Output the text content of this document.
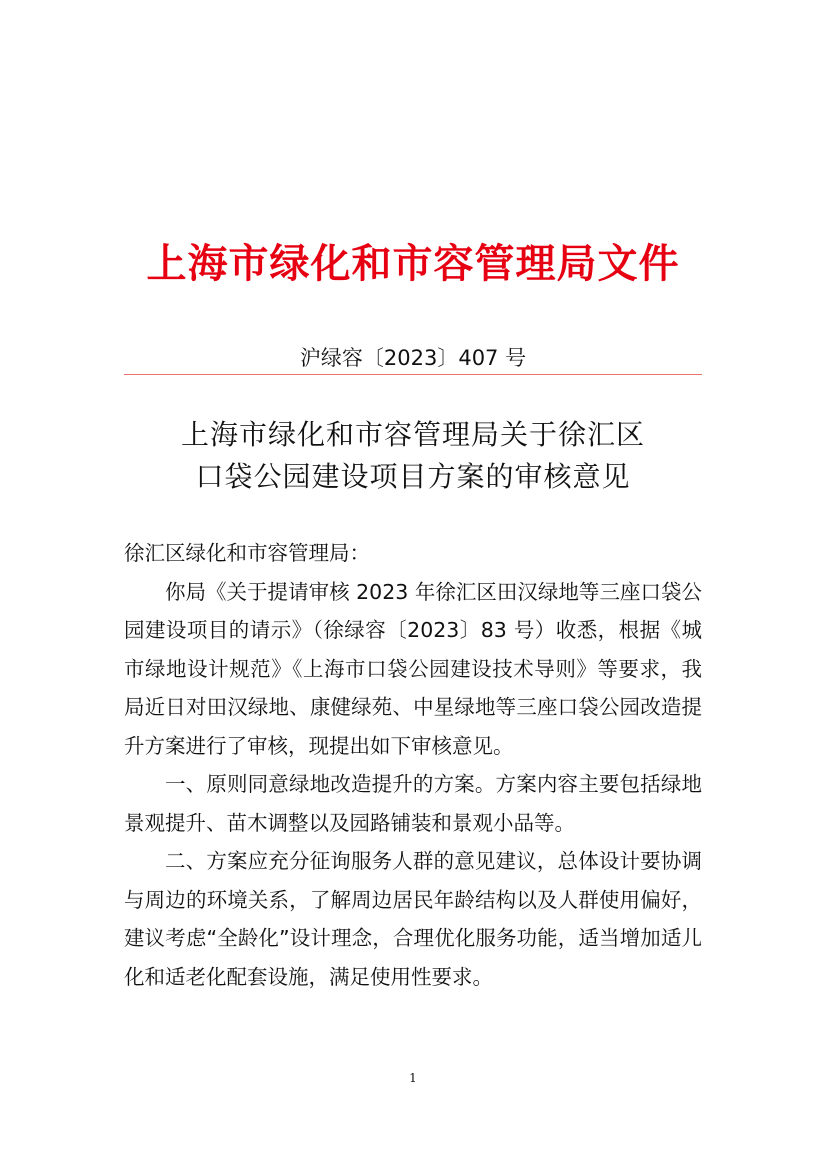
上海市绿化和市容管理局文件
沪绿容〔2023〕407 号
上海市绿化和市容管理局关于徐汇区
口袋公园建设项目方案的审核意见
徐汇区绿化和市容管理局：

你局《关于提请审核 2023 年徐汇区田汉绿地等三座口袋公园建设项目的请示》（徐绿容〔2023〕83 号）收悉，根据《城市绿地设计规范》《上海市口袋公园建设技术导则》等要求，我局近日对田汉绿地、康健绿苑、中星绿地等三座口袋公园改造提升方案进行了审核，现提出如下审核意见。

一、原则同意绿地改造提升的方案。方案内容主要包括绿地景观提升、苗木调整以及园路铺装和景观小品等。

二、方案应充分征询服务人群的意见建议，总体设计要协调与周边的环境关系，了解周边居民年龄结构以及人群使用偏好，建议考虑“全龄化”设计理念，合理优化服务功能，适当增加适儿化和适老化配套设施，满足使用性要求。

1
